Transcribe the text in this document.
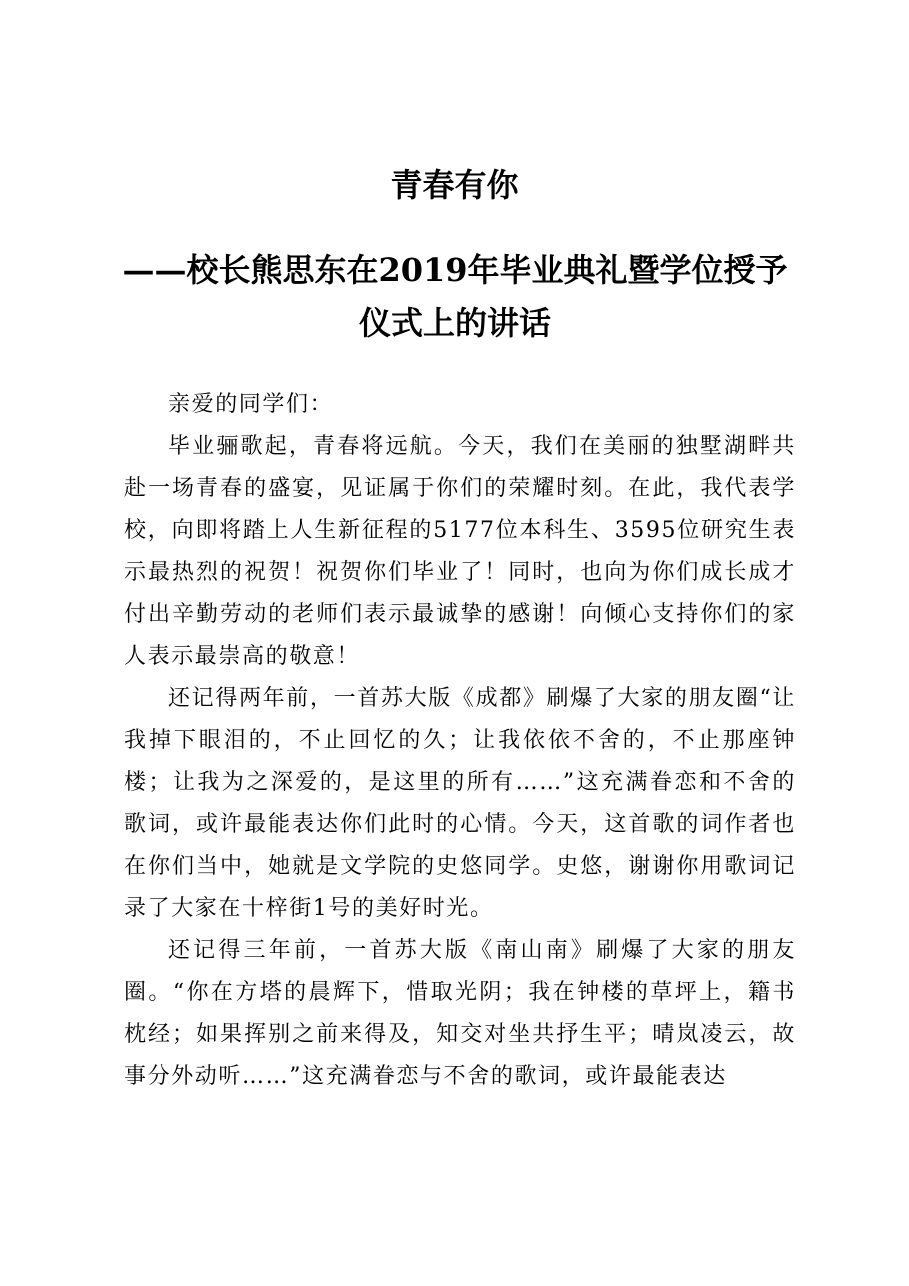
青春有你
——校长熊思东在2019年毕业典礼暨学位授予仪式上的讲话

亲爱的同学们：

毕业骊歌起，青春将远航。今天，我们在美丽的独墅湖畔共赴一场青春的盛宴，见证属于你们的荣耀时刻。在此，我代表学校，向即将踏上人生新征程的5177位本科生、3595位研究生表示最热烈的祝贺！祝贺你们毕业了！同时，也向为你们成长成才付出辛勤劳动的老师们表示最诚挚的感谢！向倾心支持你们的家人表示最崇高的敬意！

还记得两年前，一首苏大版《成都》刷爆了大家的朋友圈“让我掉下眼泪的，不止回忆的久；让我依依不舍的，不止那座钟楼；让我为之深爱的，是这里的所有……”这充满眷恋和不舍的歌词，或许最能表达你们此时的心情。今天，这首歌的词作者也在你们当中，她就是文学院的史悠同学。史悠，谢谢你用歌词记录了大家在十梓街1号的美好时光。

还记得三年前，一首苏大版《南山南》刷爆了大家的朋友圈。“你在方塔的晨辉下，惜取光阴；我在钟楼的草坪上，籍书枕经；如果挥别之前来得及，知交对坐共抒生平；晴岚凌云，故事分外动听……”这充满眷恋与不舍的歌词，或许最能表达
